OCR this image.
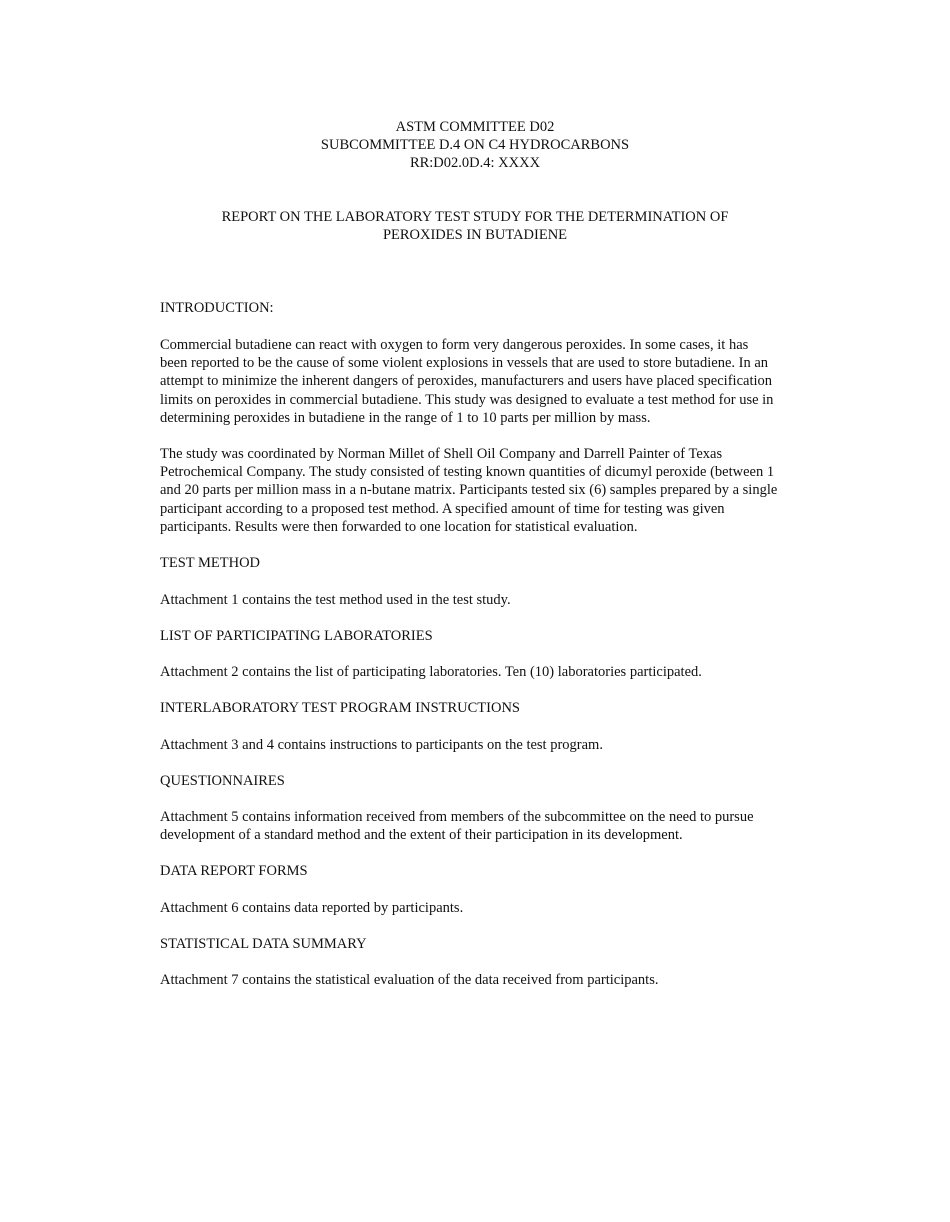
ASTM COMMITTEE D02
SUBCOMMITTEE D.4 ON C4 HYDROCARBONS
RR:D02.0D.4: XXXX
REPORT ON THE LABORATORY TEST STUDY FOR THE DETERMINATION OF
PEROXIDES IN BUTADIENE
INTRODUCTION:
Commercial butadiene can react with oxygen to form very dangerous peroxides. In some cases, it has
been reported to be the cause of some violent explosions in vessels that are used to store butadiene. In an
attempt to minimize the inherent dangers of peroxides, manufacturers and users have placed specification
limits on peroxides in commercial butadiene. This study was designed to evaluate a test method for use in
determining peroxides in butadiene in the range of 1 to 10 parts per million by mass.
The study was coordinated by Norman Millet of Shell Oil Company and Darrell Painter of Texas
Petrochemical Company. The study consisted of testing known quantities of dicumyl peroxide (between 1
and 20 parts per million mass in a n-butane matrix. Participants tested six (6) samples prepared by a single
participant according to a proposed test method. A specified amount of time for testing was given
participants. Results were then forwarded to one location for statistical evaluation.
TEST METHOD
Attachment 1 contains the test method used in the test study.
LIST OF PARTICIPATING LABORATORIES
Attachment 2 contains the list of participating laboratories. Ten (10) laboratories participated.
INTERLABORATORY TEST PROGRAM INSTRUCTIONS
Attachment 3 and 4 contains instructions to participants on the test program.
QUESTIONNAIRES
Attachment 5 contains information received from members of the subcommittee on the need to pursue
development of a standard method and the extent of their participation in its development.
DATA REPORT FORMS
Attachment 6 contains data reported by participants.
STATISTICAL DATA SUMMARY
Attachment 7 contains the statistical evaluation of the data received from participants.
